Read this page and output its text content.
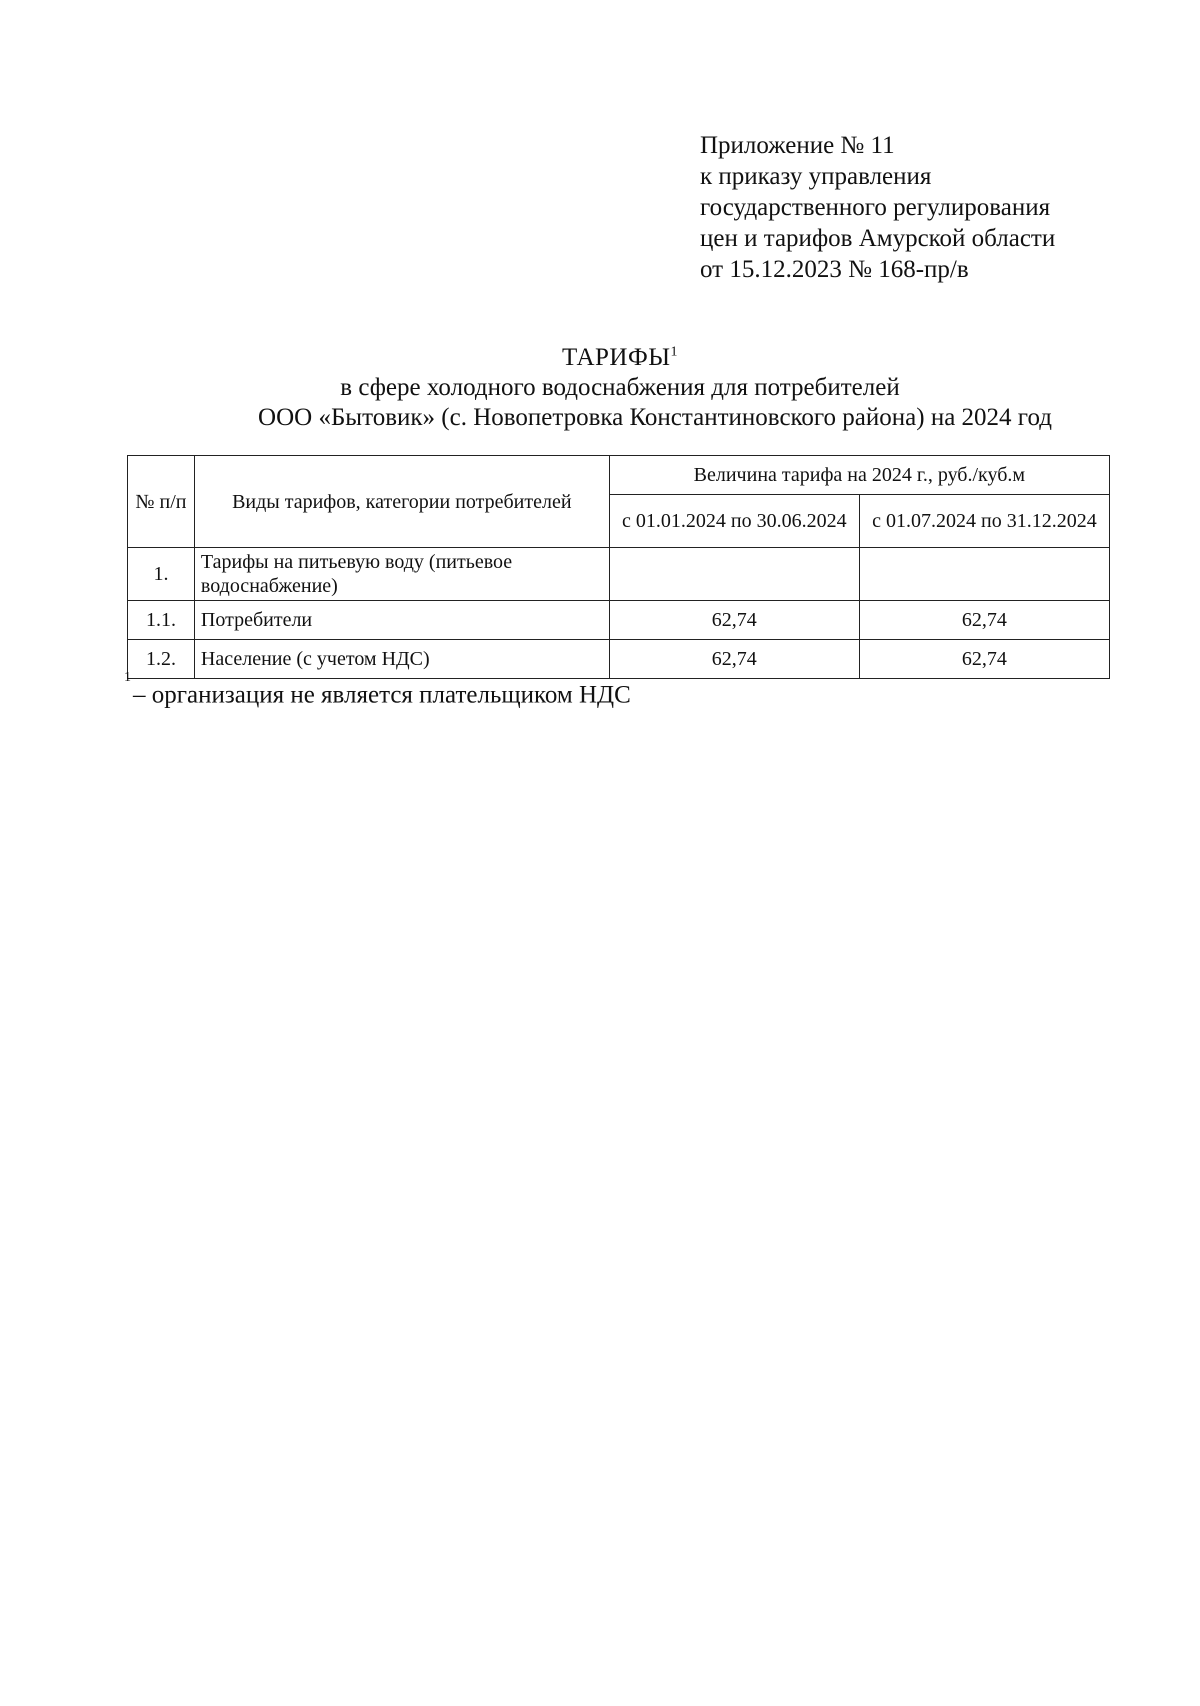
Приложение № 11
к приказу управления
государственного регулирования
цен и тарифов Амурской области
от 15.12.2023 № 168-пр/в
ТАРИФЫ$^1$
в сфере холодного водоснабжения для потребителей
ООО «Бытовик» (с. Новопетровка Константиновского района) на 2024 год
№ п/п	Виды тарифов, категории потребителей	Величина тарифа на 2024 г., руб./куб.м	
		с 01.01.2024 по 30.06.2024	с 01.07.2024 по 31.12.2024
1.	Тарифы на питьевую воду (питьевое водоснабжение)		
1.1.	Потребители	62,74	62,74
1.2.	Население (с учетом НДС)	62,74	62,74
$^1$– организация не является плательщиком НДС
